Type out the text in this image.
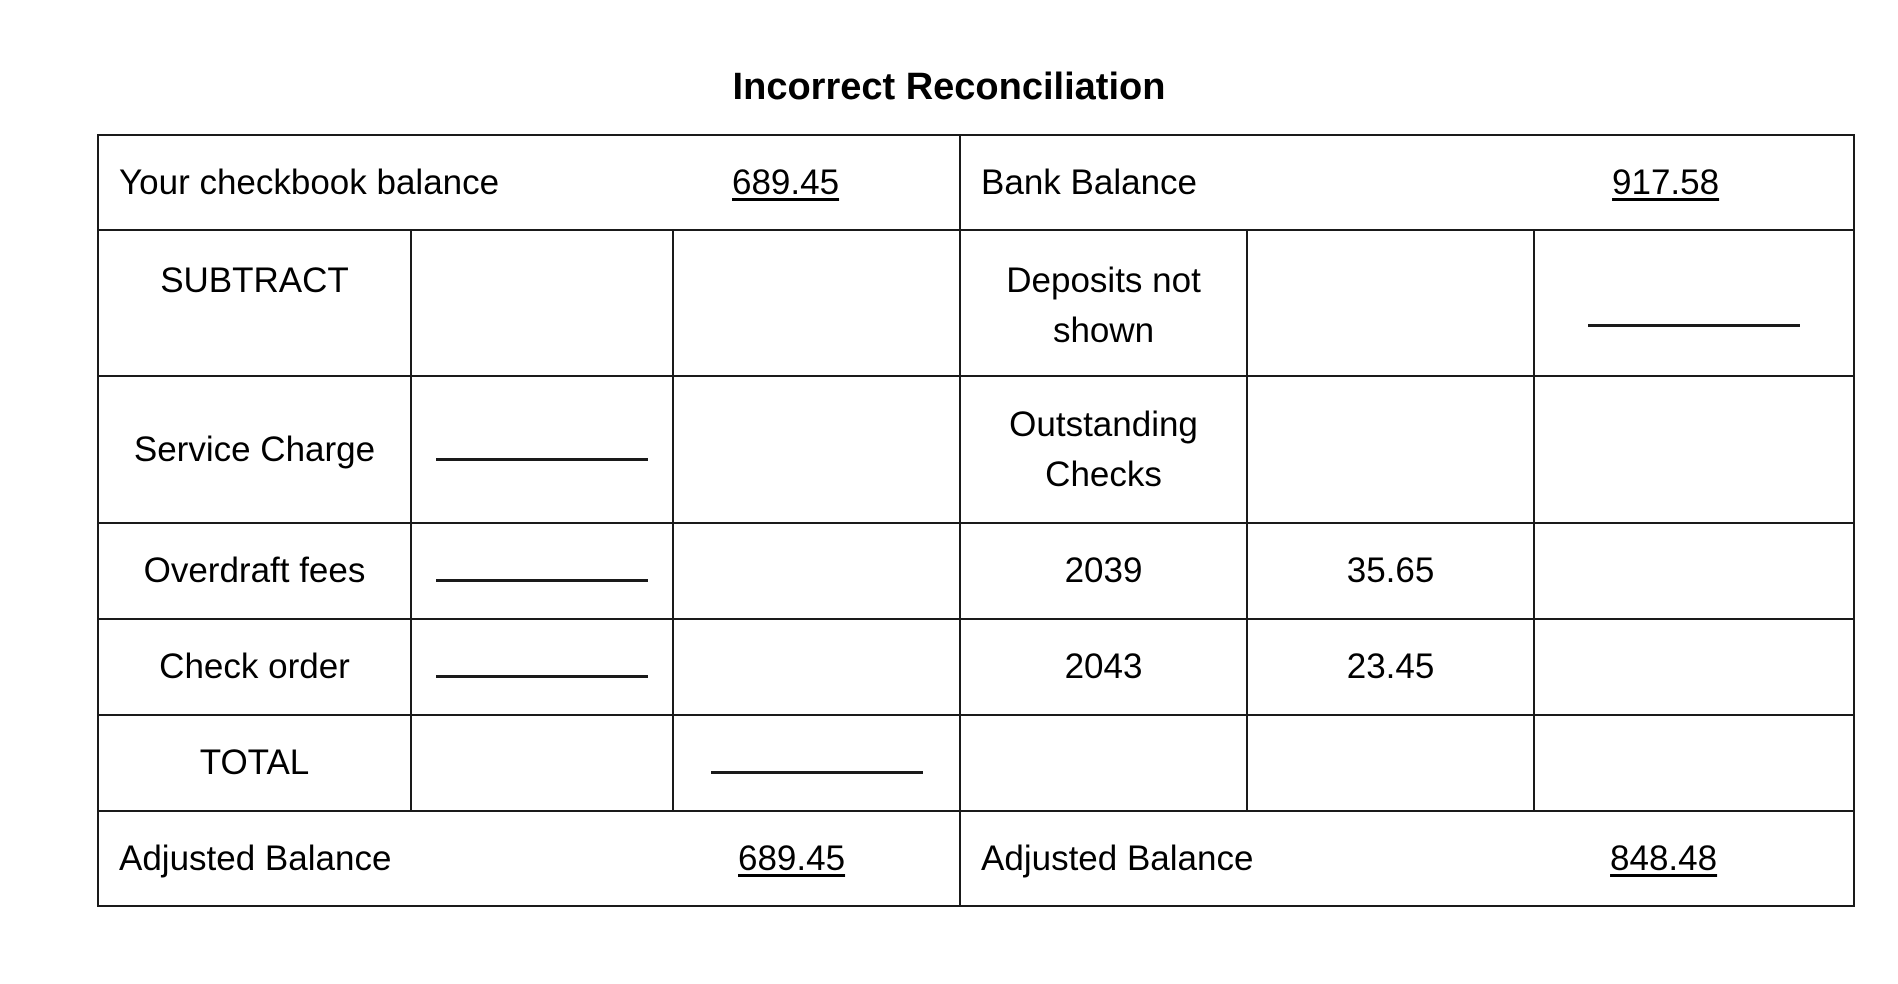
Incorrect Reconciliation
Your checkbook balance 689.45			Bank Balance 917.58		

SUBTRACT			Deposits not shown		
Service Charge			Outstanding Checks		
Overdraft fees			2039	35.65	
Check order			2043	23.45	
TOTAL					

Adjusted Balance 689.45			Adjusted Balance 848.48		
